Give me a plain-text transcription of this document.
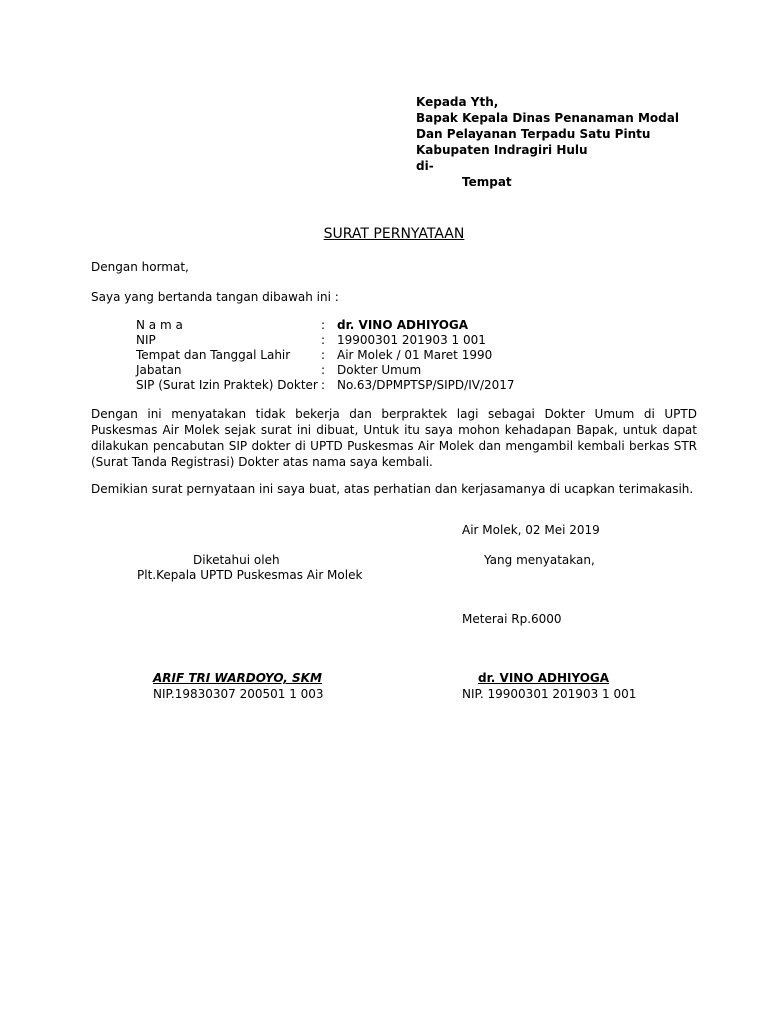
Kepada Yth,
Bapak Kepala Dinas Penanaman Modal
Dan Pelayanan Terpadu Satu Pintu
Kabupaten Indragiri Hulu
di-
Tempat
SURAT PERNYATAAN
Dengan hormat,
Saya yang bertanda tangan dibawah ini :
N a m a	:	dr. VINO ADHIYOGA
NIP	:	19900301 201903 1 001
Tempat dan Tanggal Lahir	:	Air Molek / 01 Maret 1990
Jabatan	:	Dokter Umum
SIP (Surat Izin Praktek) Dokter	:	No.63/DPMPTSP/SIPD/IV/2017
Dengan ini menyatakan tidak bekerja dan berpraktek lagi sebagai Dokter Umum di UPTD Puskesmas Air Molek sejak surat ini dibuat, Untuk itu saya mohon kehadapan Bapak, untuk dapat dilakukan pencabutan SIP dokter di UPTD Puskesmas Air Molek dan mengambil kembali berkas STR (Surat Tanda Registrasi) Dokter atas nama saya kembali.
Demikian surat pernyataan ini saya buat, atas perhatian dan kerjasamanya di ucapkan terimakasih.
Air Molek, 02 Mei 2019
Diketahui oleh	Yang menyatakan,
Plt.Kepala UPTD Puskesmas Air Molek
Meterai Rp.6000
ARIF TRI WARDOYO, SKM
NIP.19830307 200501 1 003
dr. VINO ADHIYOGA
NIP. 19900301 201903 1 001
